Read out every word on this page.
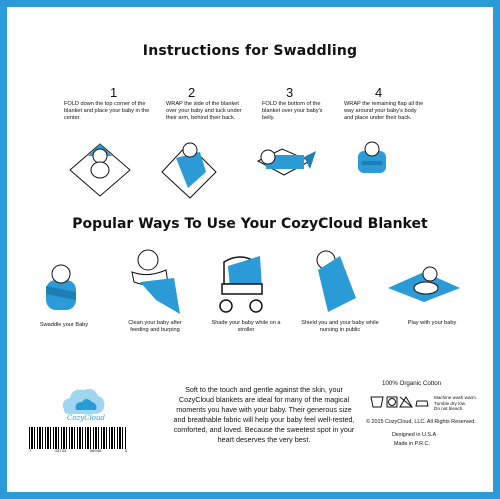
Instructions for Swaddling
1	2	3	4
FOLD down the top corner of the blanket and place your baby in the center.
WRAP the side of the blanket over your baby and tuck under their arm, behind their back.
FOLD the bottom of the blanket over your baby's belly.
WRAP the remaining flap all the way around your baby's body and place under their back.
Popular Ways To Use Your CozyCloud Blanket
Swaddle your Baby	Clean your baby after feeding and burping
Shade your baby while on a stroller
Shield you and your baby while nursing in public
Play with your baby
CozyCloud
7	43734	39046	3
Soft to the touch and gentle against the skin, your CozyCloud blankets are ideal for many of the magical moments you have with your baby. Their generous size and breathable fabric will help your baby feel well-rested, comforted, and loved. Because the sweetest spot in your heart deserves the very best.
100% Organic Cotton
Machine wash warm.
Tumble dry low.
Do not bleach.
© 2015 CozyCloud, LLC. All Rights Reserved.
Designed in U.S.A
Made in P.R.C.
